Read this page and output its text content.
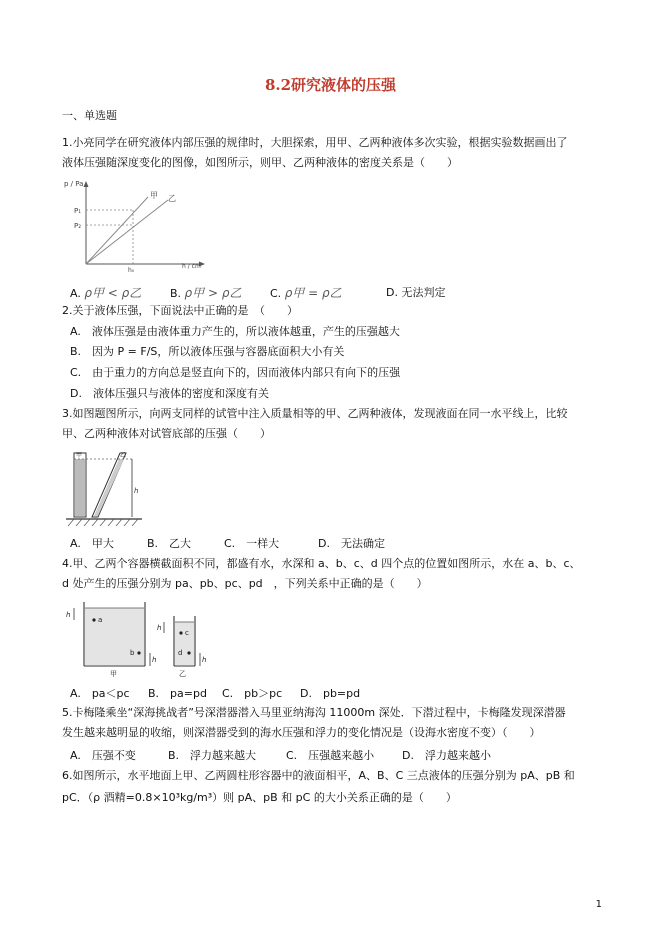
8.2研究液体的压强
一、单选题
1.小亮同学在研究液体内部压强的规律时，大胆探索，用甲、乙两种液体多次实验，根据实验数据画出了
液体压强随深度变化的图像，如图所示，则甲、乙两种液体的密度关系是（　　）
p / Pa
h / cm
P₁
P₂
h₀
甲 乙
A. ρ甲 < ρ乙	B. ρ甲 > ρ乙	C. ρ甲 = ρ乙	D. 无法判定
2.关于液体压强，下面说法中正确的是　（　　）
A.　液体压强是由液体重力产生的，所以液体越重，产生的压强越大
B.　因为 P = F/S，所以液体压强与容器底面积大小有关
C.　由于重力的方向总是竖直向下的，因而液体内部只有向下的压强
D.　液体压强只与液体的密度和深度有关
3.如图题图所示，向两支同样的试管中注入质量相等的甲、乙两种液体，发现液面在同一水平线上，比较
甲、乙两种液体对试管底部的压强（　　）
h
甲	乙
A.　甲大	B.　乙大	C.　一样大	D.　无法确定
4.甲、乙两个容器横截面积不同，都盛有水，水深和 a、b、c、d 四个点的位置如图所示，水在 a、b、c、
d 处产生的压强分别为 pa、pb、pc、pd　，下列关系中正确的是（　　）
a
b
h
h
甲
c
d
h
h
乙
A.　pa＜pc B.　pa=pd C.　pb＞pc D.　pb=pd
5.卡梅隆乘坐“深海挑战者”号深潜器潜入马里亚纳海沟 11000m 深处．下潜过程中，卡梅隆发现深潜器
发生越来越明显的收缩，则深潜器受到的海水压强和浮力的变化情况是（设海水密度不变）（　　）
A.　压强不变	B.　浮力越来越大	C.　压强越来越小	D.　浮力越来越小
6.如图所示，水平地面上甲、乙两圆柱形容器中的液面相平，A、B、C 三点液体的压强分别为 pA、pB 和
pC．（ρ 酒精=0.8×10³kg/m³）则 pA、pB 和 pC 的大小关系正确的是（　　）
1
